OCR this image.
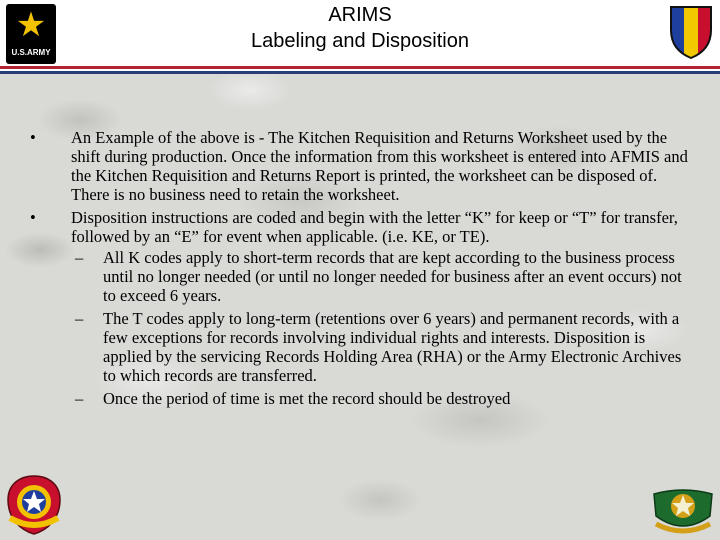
ARIMS
Labeling and Disposition
★
U.S.ARMY
• An Example of the above is - The Kitchen Requisition and Returns Worksheet used by the shift during production. Once the information from this worksheet is entered into AFMIS and the Kitchen Requisition and Returns Report is printed, the worksheet can be disposed of. There is no business need to retain the worksheet.
• Disposition instructions are coded and begin with the letter “K” for keep or “T” for transfer, followed by an “E” for event when applicable. (i.e. KE, or TE).
– All K codes apply to short-term records that are kept according to the business process until no longer needed (or until no longer needed for business after an event occurs) not to exceed 6 years.
– The T codes apply to long-term (retentions over 6 years) and permanent records, with a few exceptions for records involving individual rights and interests. Disposition is applied by the servicing Records Holding Area (RHA) or the Army Electronic Archives to which records are transferred.
– Once the period of time is met the record should be destroyed
